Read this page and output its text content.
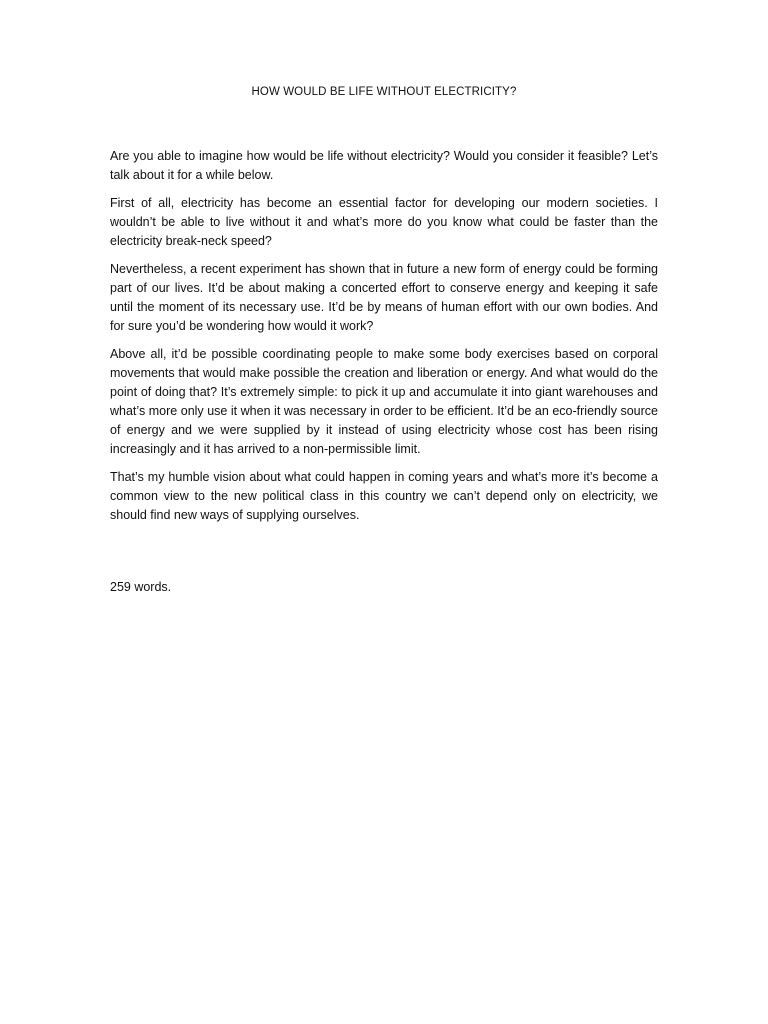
HOW WOULD BE LIFE WITHOUT ELECTRICITY?

Are you able to imagine how would be life without electricity? Would you consider it feasible? Let’s talk about it for a while below.

First of all, electricity has become an essential factor for developing our modern societies. I wouldn’t be able to live without it and what’s more do you know what could be faster than the electricity break-neck speed?

Nevertheless, a recent experiment has shown that in future a new form of energy could be forming part of our lives. It’d be about making a concerted effort to conserve energy and keeping it safe until the moment of its necessary use. It’d be by means of human effort with our own bodies. And for sure you’d be wondering how would it work?

Above all, it’d be possible coordinating people to make some body exercises based on corporal movements that would make possible the creation and liberation or energy. And what would do the point of doing that? It’s extremely simple: to pick it up and accumulate it into giant warehouses and what’s more only use it when it was necessary in order to be efficient. It’d be an eco-friendly source of energy and we were supplied by it instead of using electricity whose cost has been rising increasingly and it has arrived to a non-permissible limit.

That’s my humble vision about what could happen in coming years and what’s more it’s become a common view to the new political class in this country we can’t depend only on electricity, we should find new ways of supplying ourselves.

259 words.
